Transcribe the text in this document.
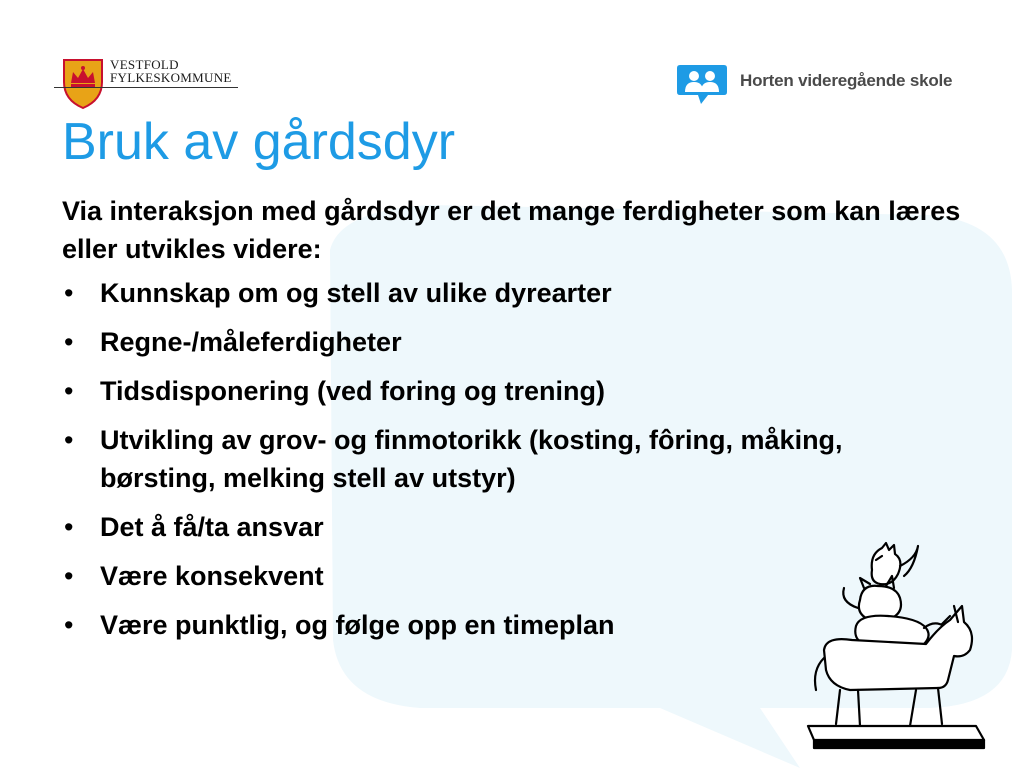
VESTFOLD
FYLKESKOMMUNE	Horten videregående skole
Bruk av gårdsdyr

Via interaksjon med gårdsdyr er det mange ferdigheter som kan læres eller utvikles videre:

• Kunnskap om og stell av ulike dyrearter
• Regne-/måleferdigheter
• Tidsdisponering (ved foring og trening)
• Utvikling av grov- og finmotorikk (kosting, fôring, måking, børsting, melking stell av utstyr)
• Det å få/ta ansvar
• Være konsekvent
• Være punktlig, og følge opp en timeplan
